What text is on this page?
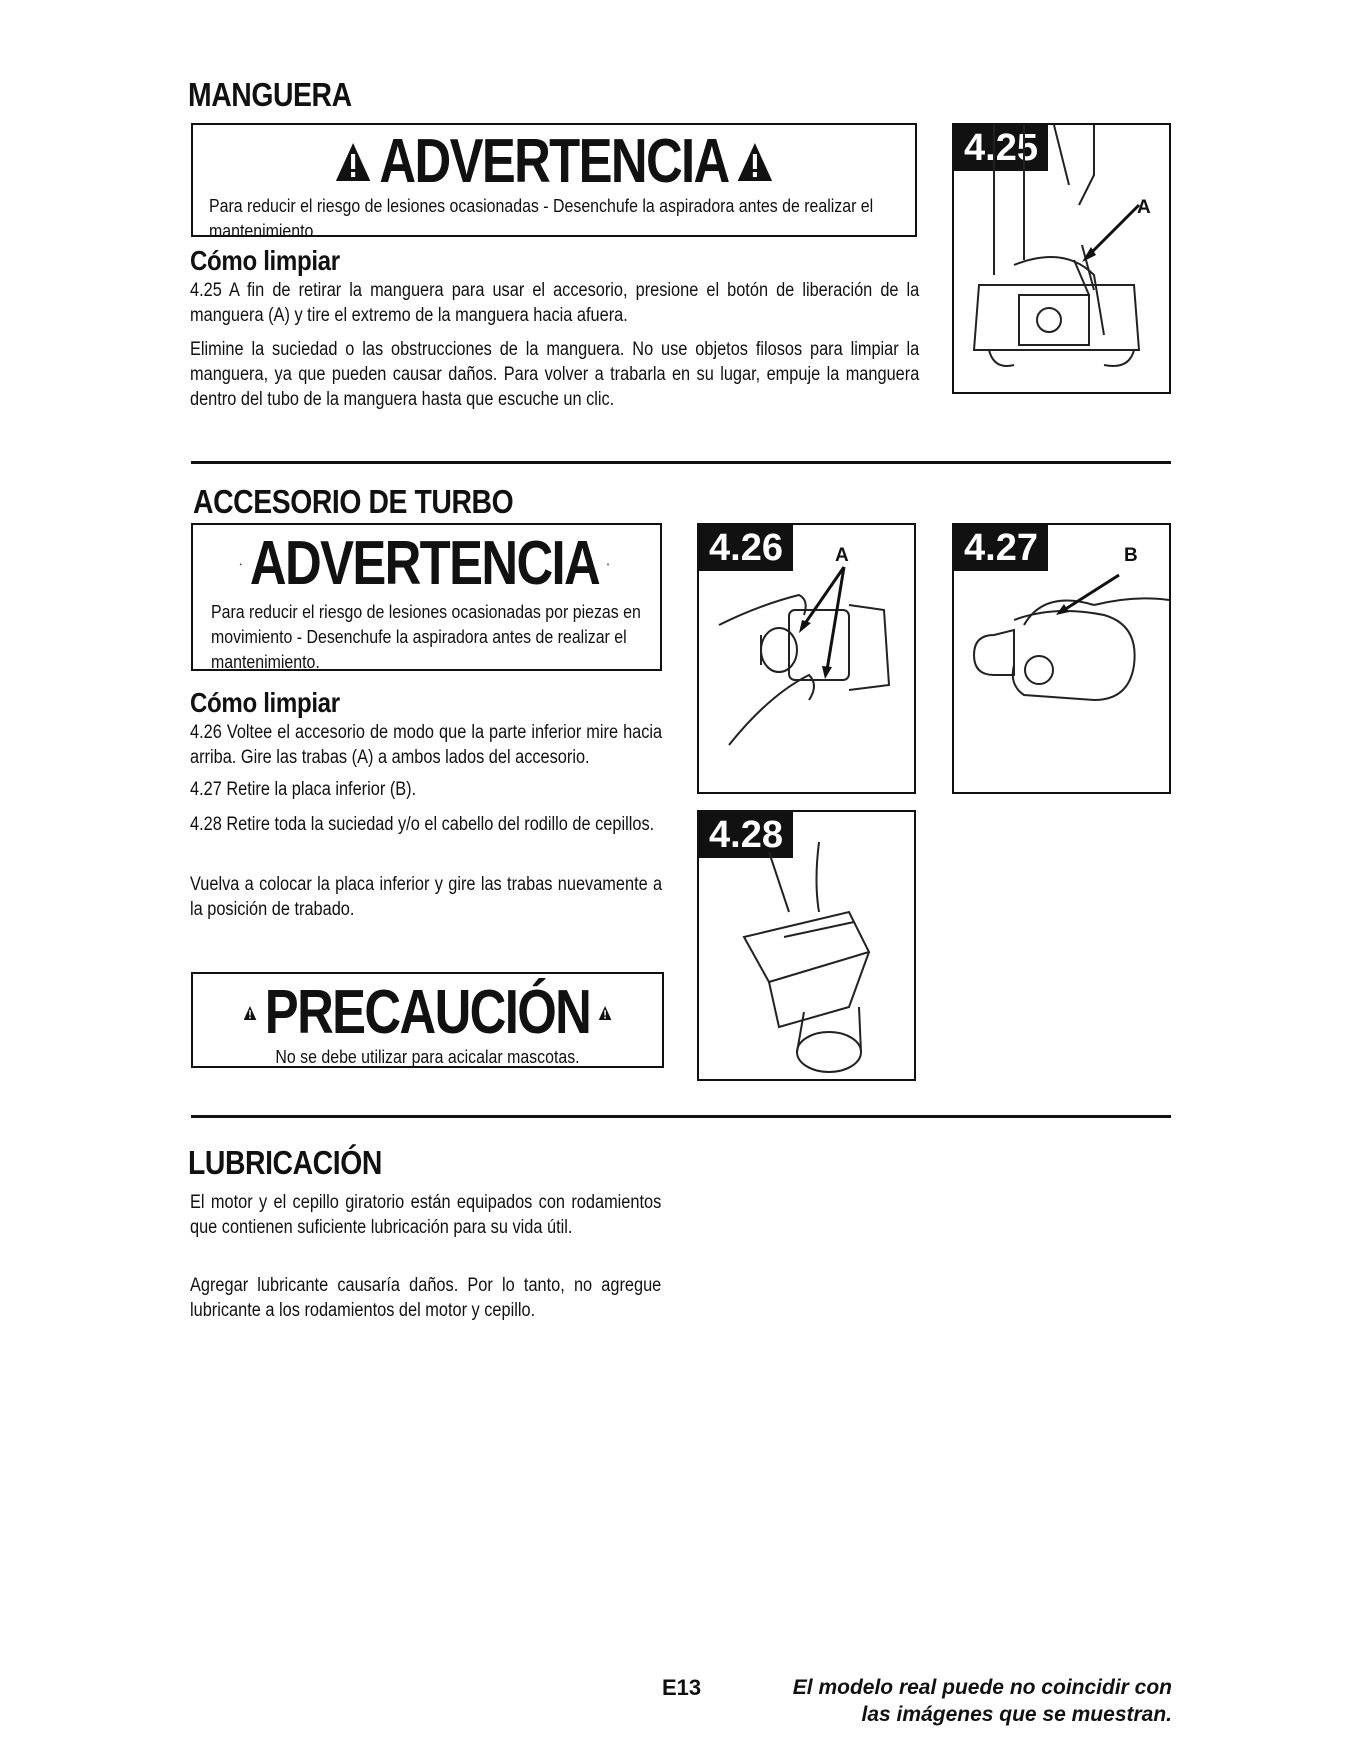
MANGUERA
ADVERTENCIA
Para reducir el riesgo de lesiones ocasionadas - Desenchufe la aspiradora antes de realizar el mantenimiento.
Cómo limpiar
4.25 A fin de retirar la manguera para usar el accesorio, presione el botón de liberación de la manguera (A) y tire el extremo de la manguera hacia afuera.
Elimine la suciedad o las obstrucciones de la manguera. No use objetos filosos para limpiar la manguera, ya que pueden causar daños. Para volver a trabarla en su lugar, empuje la manguera dentro del tubo de la manguera hasta que escuche un clic.
4.25
A
ACCESORIO DE TURBO
ADVERTENCIA
Para reducir el riesgo de lesiones ocasionadas por piezas en movimiento - Desenchufe la aspiradora antes de realizar el mantenimiento.
Cómo limpiar
4.26 Voltee el accesorio de modo que la parte inferior mire hacia arriba. Gire las trabas (A) a ambos lados del accesorio.
4.27 Retire la placa inferior (B).
4.28 Retire toda la suciedad y/o el cabello del rodillo de cepillos.
Vuelva a colocar la placa inferior y gire las trabas nuevamente a la posición de trabado.
PRECAUCIÓN
No se debe utilizar para acicalar mascotas.
4.26	A	4.27	B
4.28
LUBRICACIÓN
El motor y el cepillo giratorio están equipados con rodamientos que contienen suficiente lubricación para su vida útil.
Agregar lubricante causaría daños. Por lo tanto, no agregue lubricante a los rodamientos del motor y cepillo.
E13	El modelo real puede no coincidir con
las imágenes que se muestran.
